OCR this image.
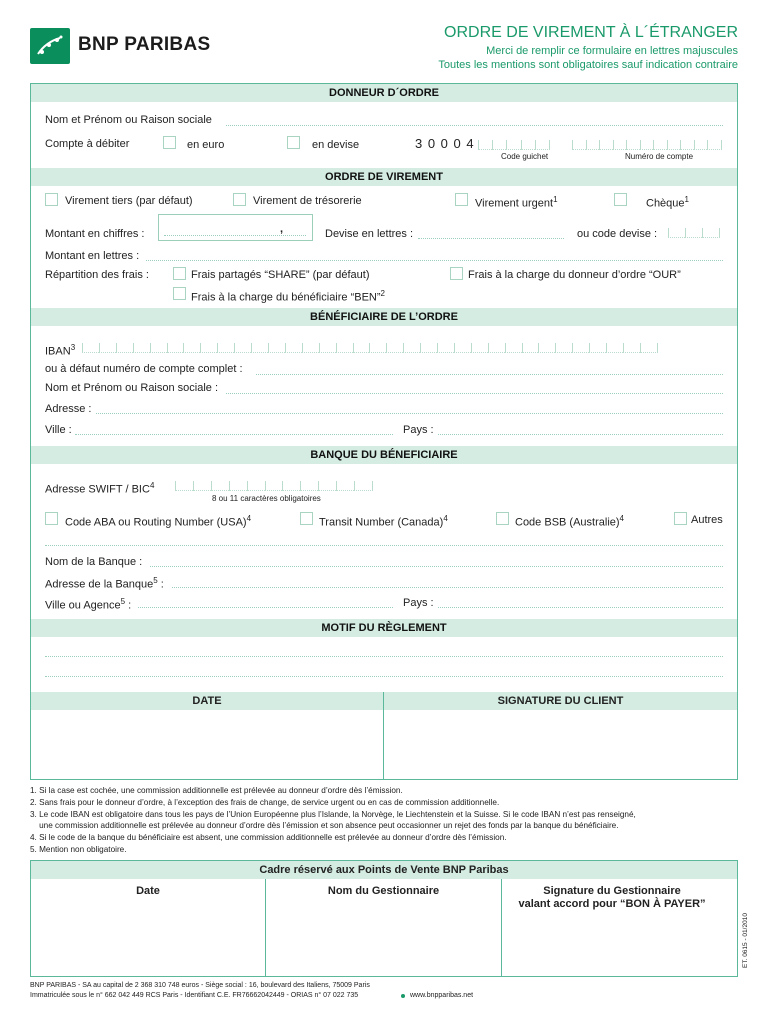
BNP PARIBAS
ORDRE DE VIREMENT À L´ÉTRANGER
Merci de remplir ce formulaire en lettres majuscules
Toutes les mentions sont obligatoires sauf indication contraire
DONNEUR D´ORDRE
Nom et Prénom ou Raison sociale
Compte à débiter	en euro	en devise	3 0 0 0 4
Code guichet	Numéro de compte
ORDRE DE VIREMENT
Virement tiers (par défaut)	Virement de trésorerie	Virement urgent$^1$	Chèque$^1$
Montant en chiffres :	,	Devise en lettres :	ou code devise :
Montant en lettres :
Répartition des frais :	Frais partagés “SHARE” (par défaut)	Frais à la charge du donneur d’ordre “OUR”
Frais à la charge du bénéficiaire “BEN”$^2$
BÉNÉFICIAIRE DE L’ORDRE
IBAN$^3$
ou à défaut numéro de compte complet :
Nom et Prénom ou Raison sociale :
Adresse :
Ville :	Pays :
BANQUE DU BÉNEFICIAIRE
Adresse SWIFT / BIC$^4$
8 ou 11 caractères obligatoires
Code ABA ou Routing Number (USA)$^4$	Transit Number (Canada)$^4$	Code BSB (Australie)$^4$	Autres
Nom de la Banque :
Adresse de la Banque$^5$ :
Ville ou Agence$^5$ :	Pays :
MOTIF DU RÈGLEMENT
DATE	SIGNATURE DU CLIENT
1. Si la case est cochée, une commission additionnelle est prélevée au donneur d’ordre dès l’émission.
2. Sans frais pour le donneur d’ordre, à l’exception des frais de change, de service urgent ou en cas de commission additionnelle.
3. Le code IBAN est obligatoire dans tous les pays de l’Union Européenne plus l’Islande, la Norvège, le Liechtenstein et la Suisse. Si le code IBAN n’est pas renseigné,
une commission additionnelle est prélevée au donneur d’ordre dès l’émission et son absence peut occasionner un rejet des fonds par la banque du bénéficiaire.
4. Si le code de la banque du bénéficiaire est absent, une commission additionnelle est prélevée au donneur d’ordre dès l’émission.
5. Mention non obligatoire.
Cadre réservé aux Points de Vente BNP Paribas
Date	Nom du Gestionnaire	Signature du Gestionnaire
valant accord pour “BON À PAYER”
ET. 0615 - 01/2010
BNP PARIBAS - SA au capital de 2 368 310 748 euros - Siège social : 16, boulevard des Italiens, 75009 Paris
Immatriculée sous le n° 662 042 449 RCS Paris - Identifiant C.E. FR76662042449 - ORIAS n° 07 022 735	www.bnpparibas.net
